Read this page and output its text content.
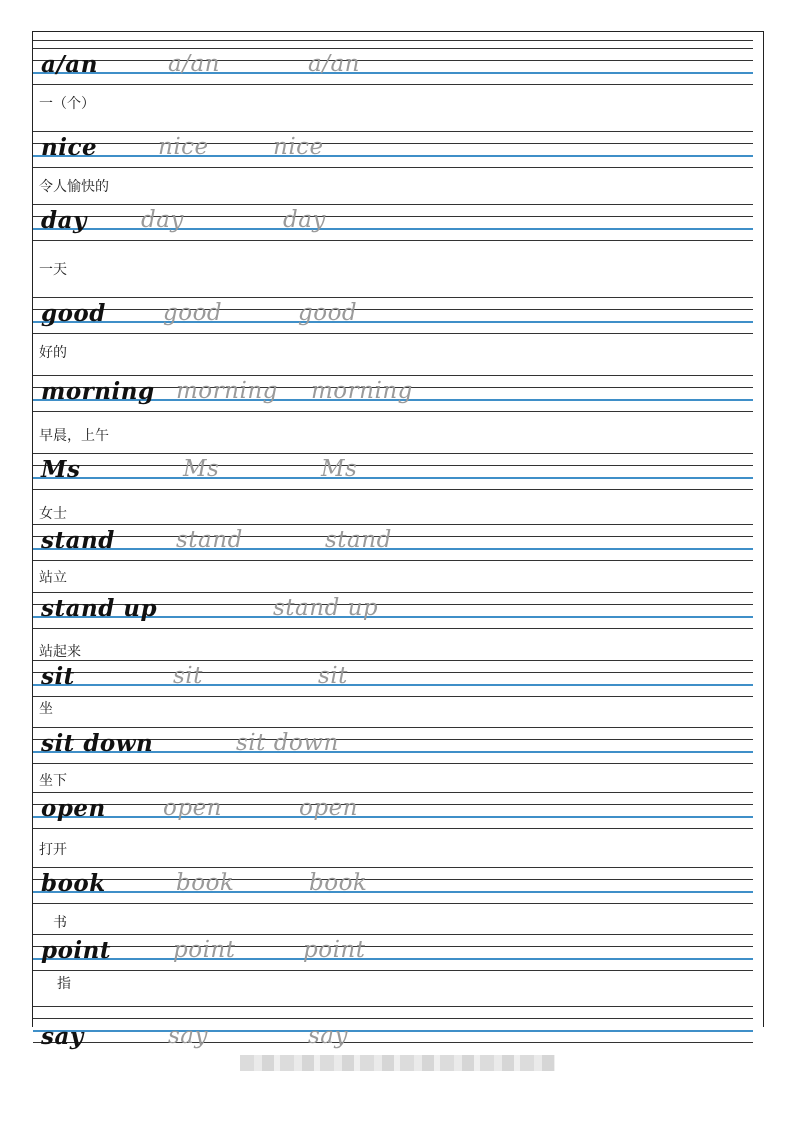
a/an	a/an	a/an
一（个）
nice	nice	nice
令人愉快的
day day	day
一天
good good	good
好的
morning morning morning
早晨，上午
Ms	Ms	Ms
女士
stand	stand	stand
站立
stand up	stand up
站起来
sit	sit	sit
坐
sit down	sit down
坐下
open open	open
打开
book	book	book
书
point	point	point
指
say	say	say
